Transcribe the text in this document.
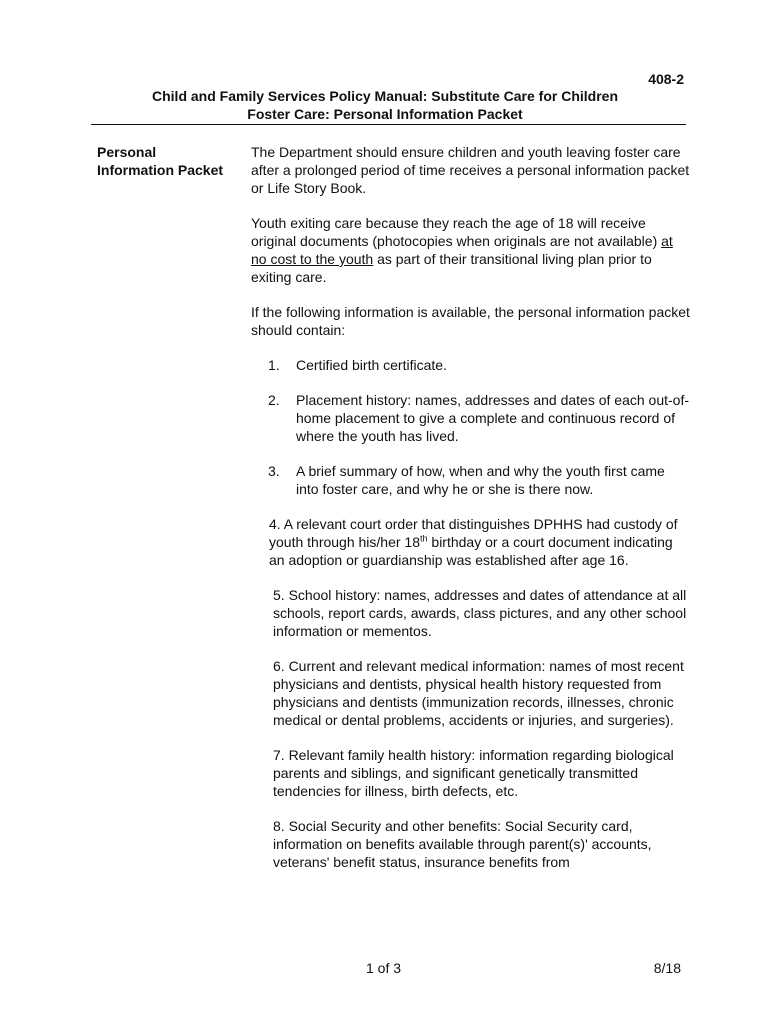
408-2
Child and Family Services Policy Manual: Substitute Care for Children
Foster Care: Personal Information Packet
Personal
Information Packet

The Department should ensure children and youth leaving foster care after a prolonged period of time receives a personal information packet or Life Story Book.

Youth exiting care because they reach the age of 18 will receive original documents (photocopies when originals are not available) at no cost to the youth as part of their transitional living plan prior to exiting care.

If the following information is available, the personal information packet should contain:

1. Certified birth certificate.
2. Placement history: names, addresses and dates of each out-of-home placement to give a complete and continuous record of where the youth has lived.
3. A brief summary of how, when and why the youth first came into foster care, and why he or she is there now.

4. A relevant court order that distinguishes DPHHS had custody of youth through his/her 18th birthday or a court document indicating an adoption or guardianship was established after age 16.

5. School history: names, addresses and dates of attendance at all schools, report cards, awards, class pictures, and any other school information or mementos.

6. Current and relevant medical information: names of most recent physicians and dentists, physical health history requested from physicians and dentists (immunization records, illnesses, chronic medical or dental problems, accidents or injuries, and surgeries).

7. Relevant family health history: information regarding biological parents and siblings, and significant genetically transmitted tendencies for illness, birth defects, etc.

8. Social Security and other benefits: Social Security card, information on benefits available through parent(s)' accounts, veterans' benefit status, insurance benefits from

1 of 3	8/18
